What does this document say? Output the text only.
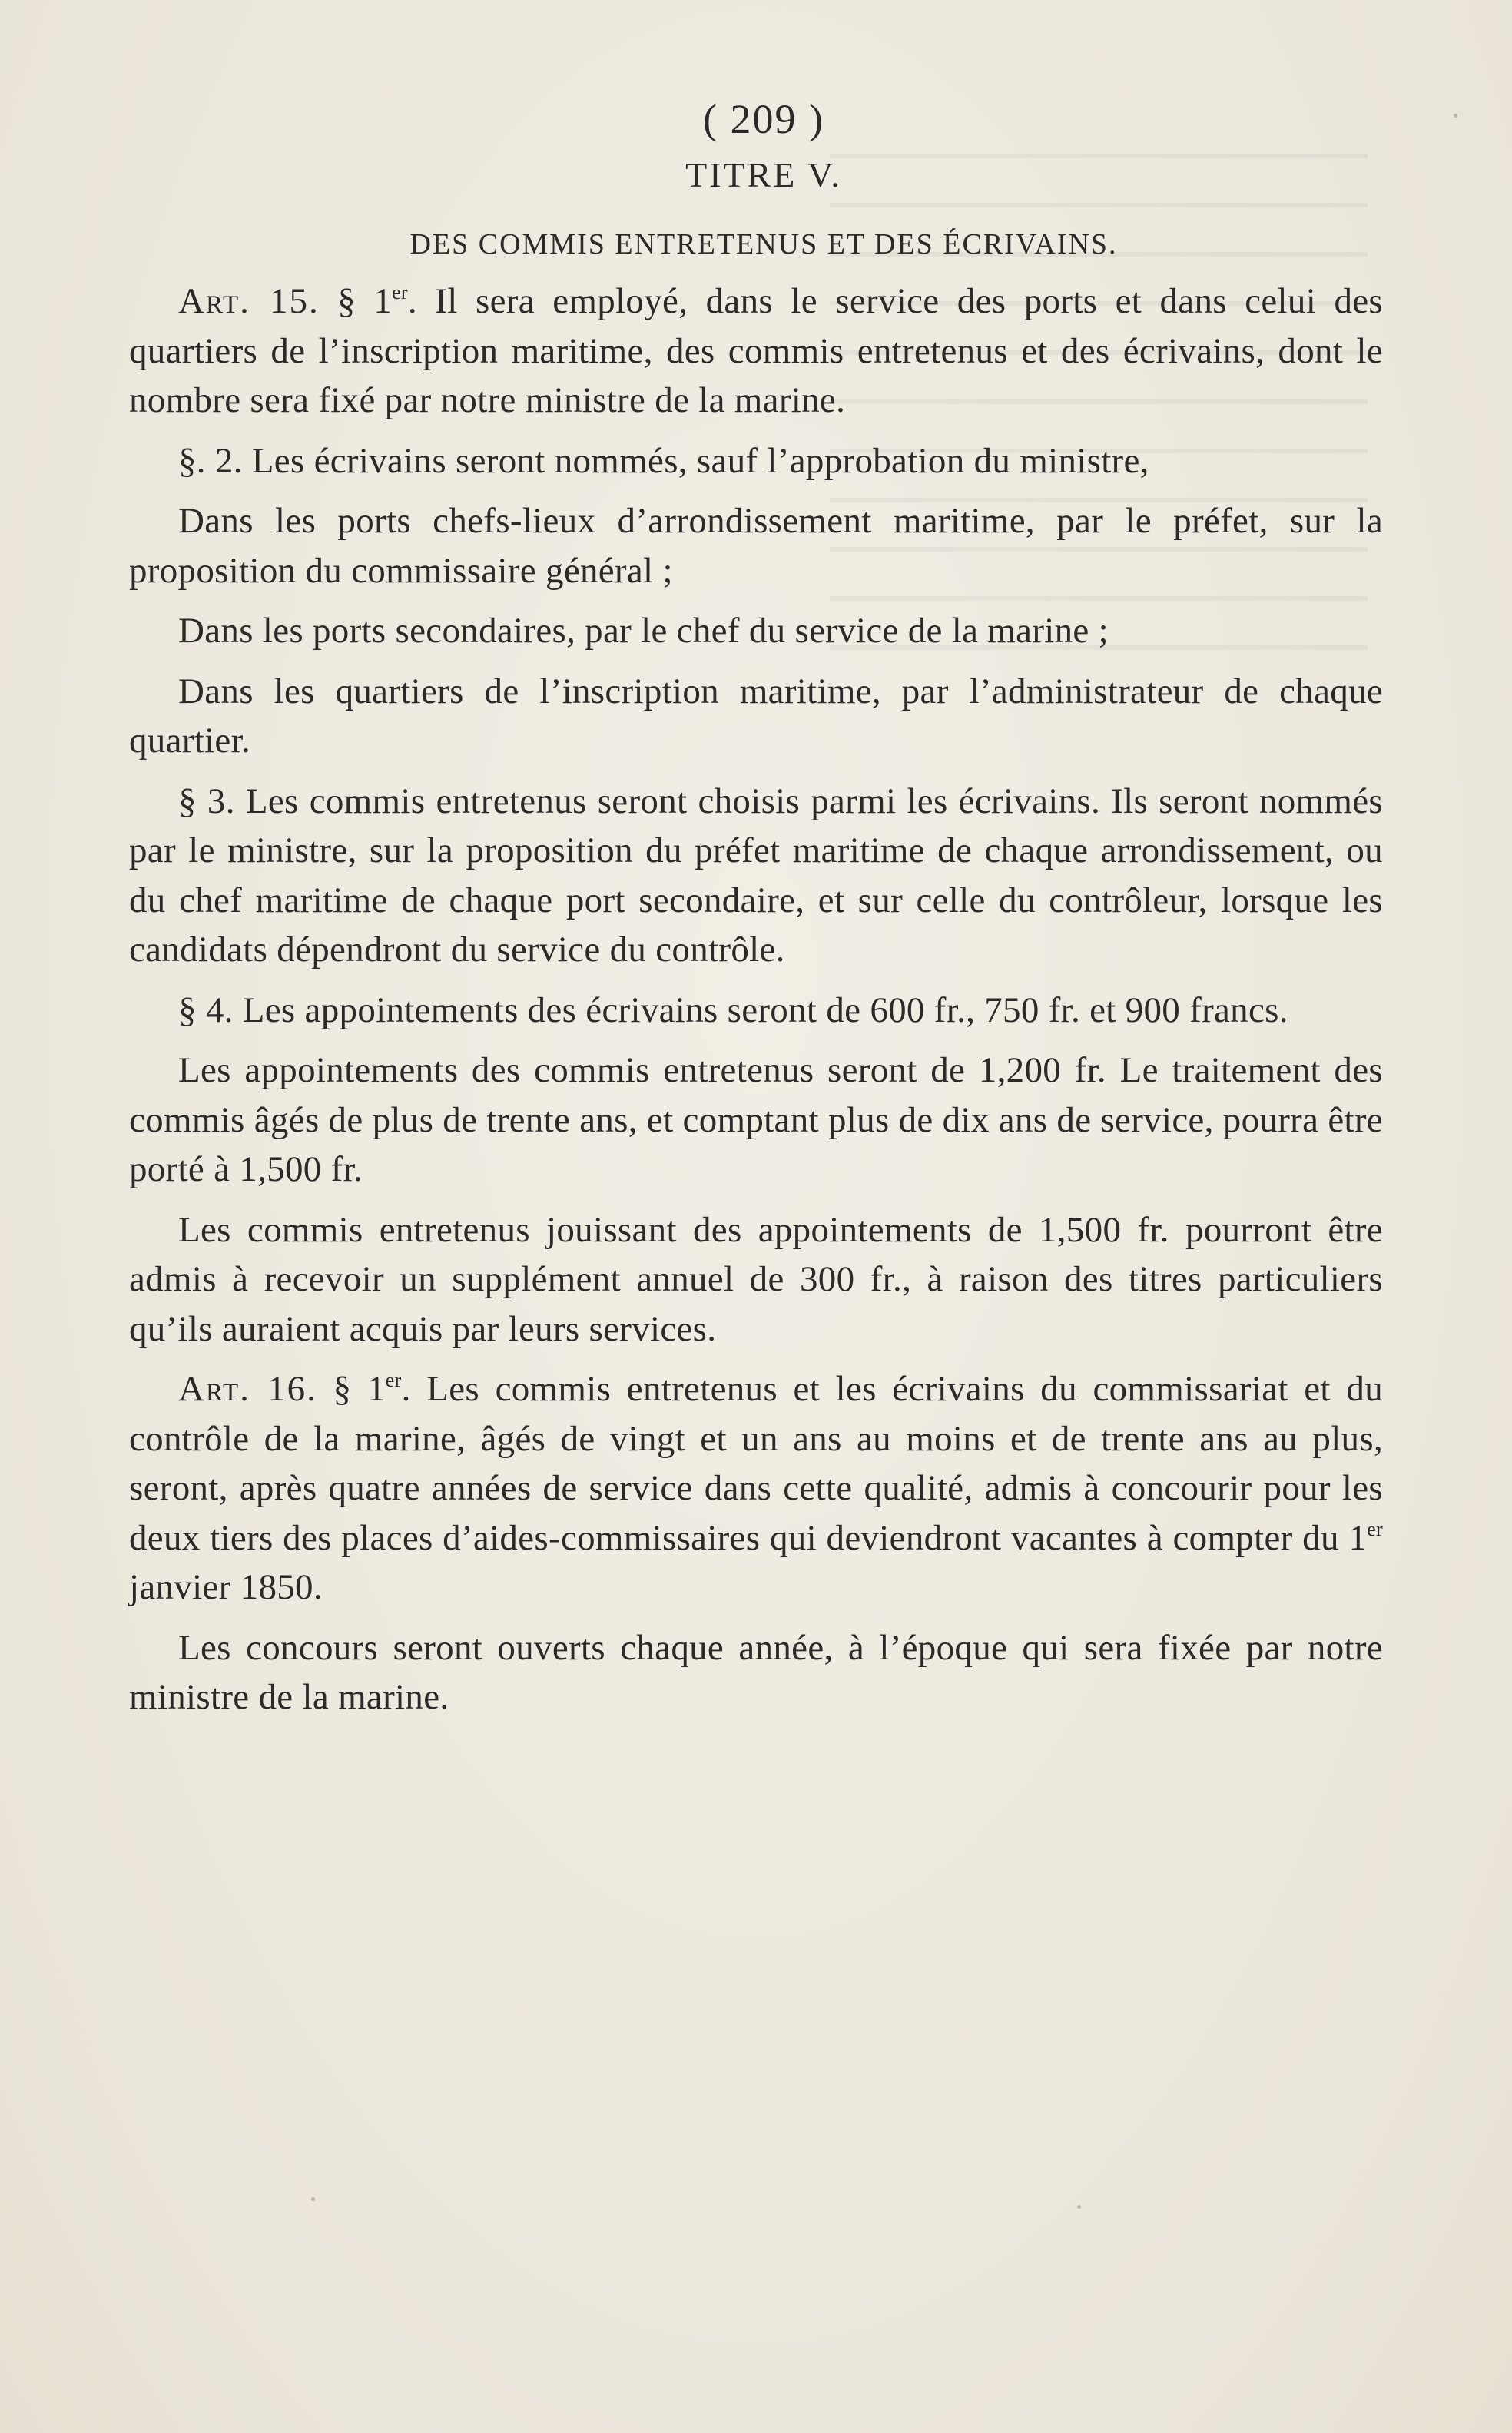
( 209 )
TITRE V.
DES COMMIS ENTRETENUS ET DES ÉCRIVAINS.

Art. 15. § 1er. Il sera employé, dans le service des ports et dans celui des quartiers de l’inscription maritime, des commis entretenus et des écrivains, dont le nombre sera fixé par notre ministre de la marine.

§. 2. Les écrivains seront nommés, sauf l’approbation du ministre,

Dans les ports chefs-lieux d’arrondissement maritime, par le préfet, sur la proposition du commissaire général ;

Dans les ports secondaires, par le chef du service de la marine ;

Dans les quartiers de l’inscription maritime, par l’administrateur de chaque quartier.

§ 3. Les commis entretenus seront choisis parmi les écrivains. Ils seront nommés par le ministre, sur la proposition du préfet maritime de chaque arrondissement, ou du chef maritime de chaque port secondaire, et sur celle du contrôleur, lorsque les candidats dépendront du service du contrôle.

§ 4. Les appointements des écrivains seront de 600 fr., 750 fr. et 900 francs.

Les appointements des commis entretenus seront de 1,200 fr. Le traitement des commis âgés de plus de trente ans, et comptant plus de dix ans de service, pourra être porté à 1,500 fr.

Les commis entretenus jouissant des appointements de 1,500 fr. pourront être admis à recevoir un supplément annuel de 300 fr., à raison des titres particuliers qu’ils auraient acquis par leurs services.

Art. 16. § 1er. Les commis entretenus et les écrivains du commissariat et du contrôle de la marine, âgés de vingt et un ans au moins et de trente ans au plus, seront, après quatre années de service dans cette qualité, admis à concourir pour les deux tiers des places d’aides-commissaires qui deviendront vacantes à compter du 1er janvier 1850.

Les concours seront ouverts chaque année, à l’époque qui sera fixée par notre ministre de la marine.
